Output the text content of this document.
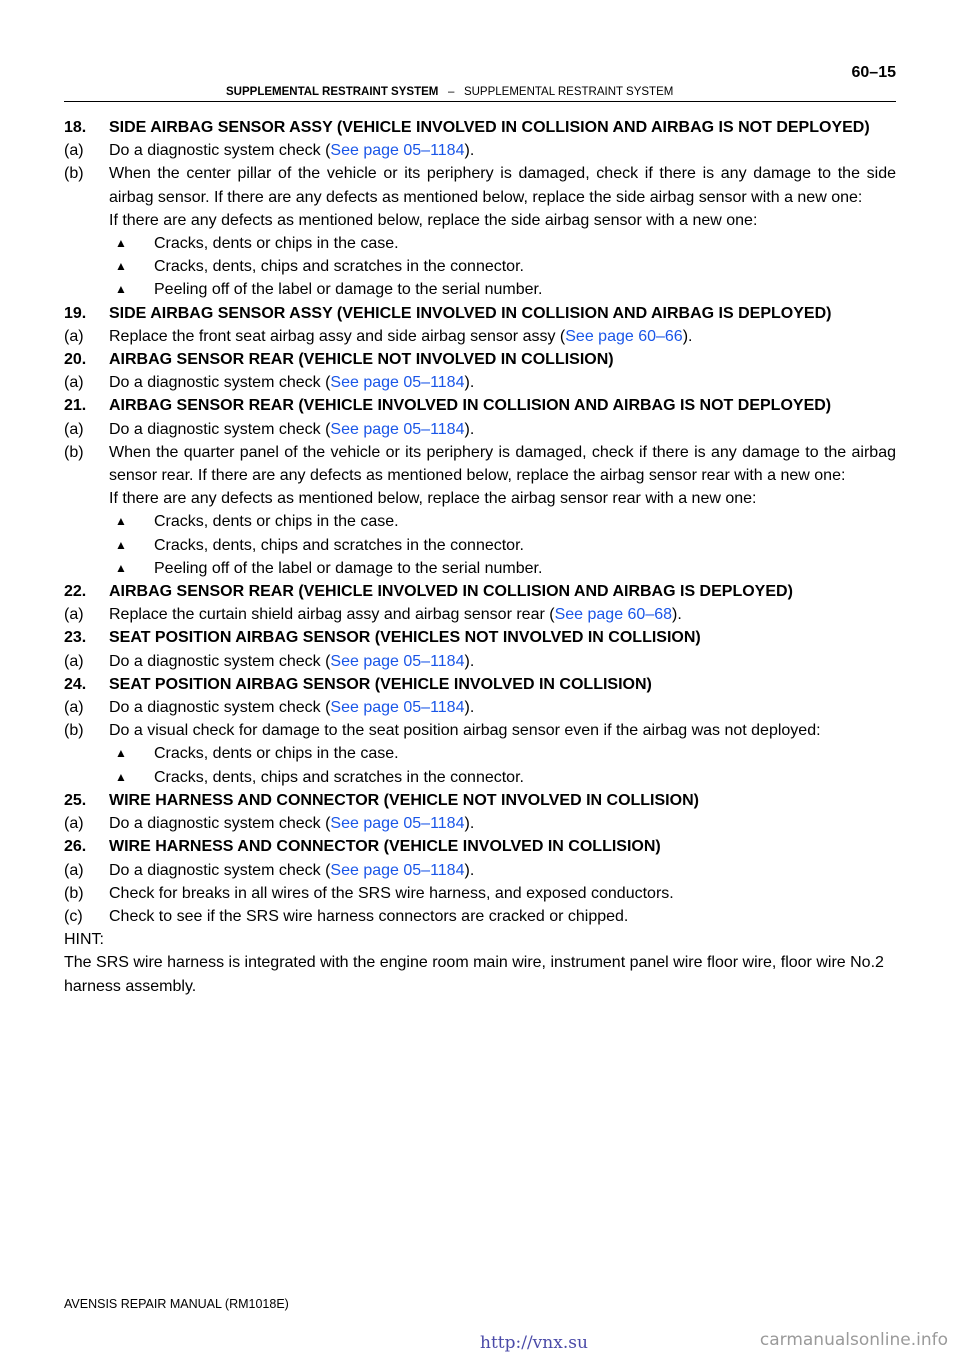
60–15
SUPPLEMENTAL RESTRAINT SYSTEM – SUPPLEMENTAL RESTRAINT SYSTEM
18. SIDE AIRBAG SENSOR ASSY (VEHICLE INVOLVED IN COLLISION AND AIRBAG IS NOT DEPLOYED)
(a) Do a diagnostic system check (See page 05–1184).
(b) When the center pillar of the vehicle or its periphery is damaged, check if there is any damage to the side airbag sensor. If there are any defects as mentioned below, replace the side airbag sensor with a new one:
If there are any defects as mentioned below, replace the side airbag sensor with a new one:
▲ Cracks, dents or chips in the case.
▲ Cracks, dents, chips and scratches in the connector.
▲ Peeling off of the label or damage to the serial number.
19. SIDE AIRBAG SENSOR ASSY (VEHICLE INVOLVED IN COLLISION AND AIRBAG IS DEPLOYED)
(a) Replace the front seat airbag assy and side airbag sensor assy (See page 60–66).
20. AIRBAG SENSOR REAR (VEHICLE NOT INVOLVED IN COLLISION)
(a) Do a diagnostic system check (See page 05–1184).
21. AIRBAG SENSOR REAR (VEHICLE INVOLVED IN COLLISION AND AIRBAG IS NOT DEPLOYED)
(a) Do a diagnostic system check (See page 05–1184).
(b) When the quarter panel of the vehicle or its periphery is damaged, check if there is any damage to the airbag sensor rear. If there are any defects as mentioned below, replace the airbag sensor rear with a new one:
If there are any defects as mentioned below, replace the airbag sensor rear with a new one:
▲ Cracks, dents or chips in the case.
▲ Cracks, dents, chips and scratches in the connector.
▲ Peeling off of the label or damage to the serial number.
22. AIRBAG SENSOR REAR (VEHICLE INVOLVED IN COLLISION AND AIRBAG IS DEPLOYED)
(a) Replace the curtain shield airbag assy and airbag sensor rear (See page 60–68).
23. SEAT POSITION AIRBAG SENSOR (VEHICLES NOT INVOLVED IN COLLISION)
(a) Do a diagnostic system check (See page 05–1184).
24. SEAT POSITION AIRBAG SENSOR (VEHICLE INVOLVED IN COLLISION)
(a) Do a diagnostic system check (See page 05–1184).
(b) Do a visual check for damage to the seat position airbag sensor even if the airbag was not deployed:
▲ Cracks, dents or chips in the case.
▲ Cracks, dents, chips and scratches in the connector.
25. WIRE HARNESS AND CONNECTOR (VEHICLE NOT INVOLVED IN COLLISION)
(a) Do a diagnostic system check (See page 05–1184).
26. WIRE HARNESS AND CONNECTOR (VEHICLE INVOLVED IN COLLISION)
(a) Do a diagnostic system check (See page 05–1184).
(b) Check for breaks in all wires of the SRS wire harness, and exposed conductors.
(c) Check to see if the SRS wire harness connectors are cracked or chipped.
HINT:
The SRS wire harness is integrated with the engine room main wire, instrument panel wire floor wire, floor wire No.2 harness assembly.
AVENSIS REPAIR MANUAL (RM1018E)
http://vnx.su	carmanualsonline.info
